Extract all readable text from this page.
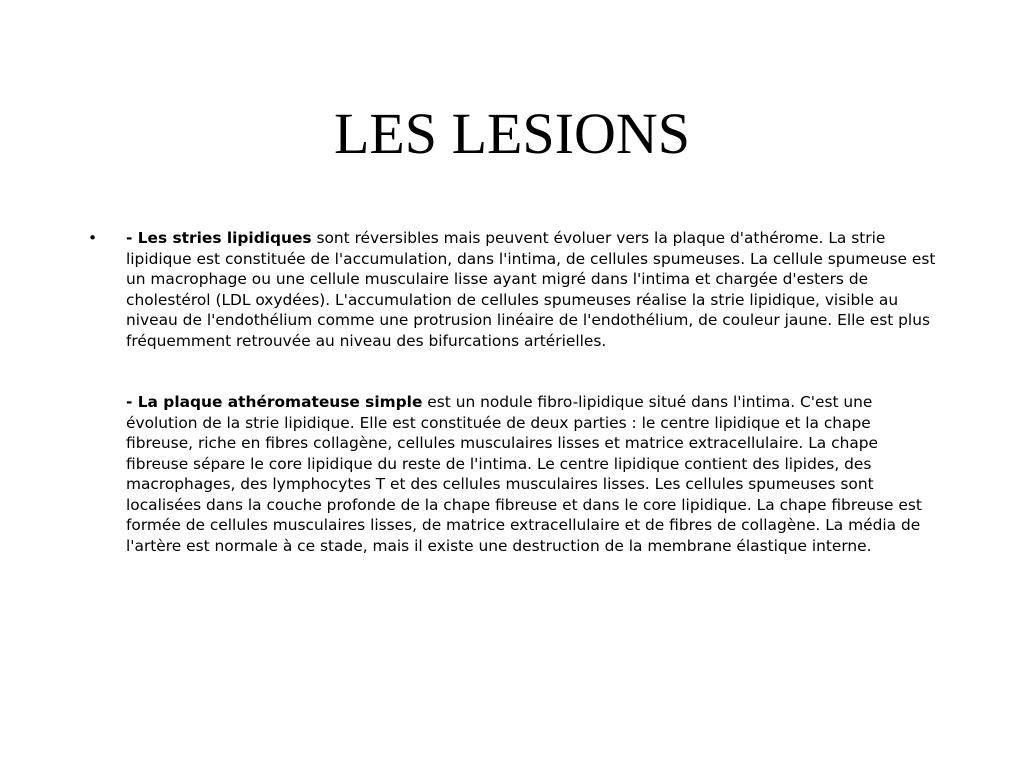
LES LESIONS
•	- Les stries lipidiques sont réversibles mais peuvent évoluer vers la plaque d'athérome. La strie lipidique est constituée de l'accumulation, dans l'intima, de cellules spumeuses. La cellule spumeuse est un macrophage ou une cellule musculaire lisse ayant migré dans l'intima et chargée d'esters de cholestérol (LDL oxydées). L'accumulation de cellules spumeuses réalise la strie lipidique, visible au niveau de l'endothélium comme une protrusion linéaire de l'endothélium, de couleur jaune. Elle est plus fréquemment retrouvée au niveau des bifurcations artérielles.

- La plaque athéromateuse simple est un nodule fibro-lipidique situé dans l'intima. C'est une évolution de la strie lipidique. Elle est constituée de deux parties : le centre lipidique et la chape fibreuse, riche en fibres collagène, cellules musculaires lisses et matrice extracellulaire. La chape fibreuse sépare le core lipidique du reste de l'intima. Le centre lipidique contient des lipides, des macrophages, des lymphocytes T et des cellules musculaires lisses. Les cellules spumeuses sont localisées dans la couche profonde de la chape fibreuse et dans le core lipidique. La chape fibreuse est formée de cellules musculaires lisses, de matrice extracellulaire et de fibres de collagène. La média de l'artère est normale à ce stade, mais il existe une destruction de la membrane élastique interne.
